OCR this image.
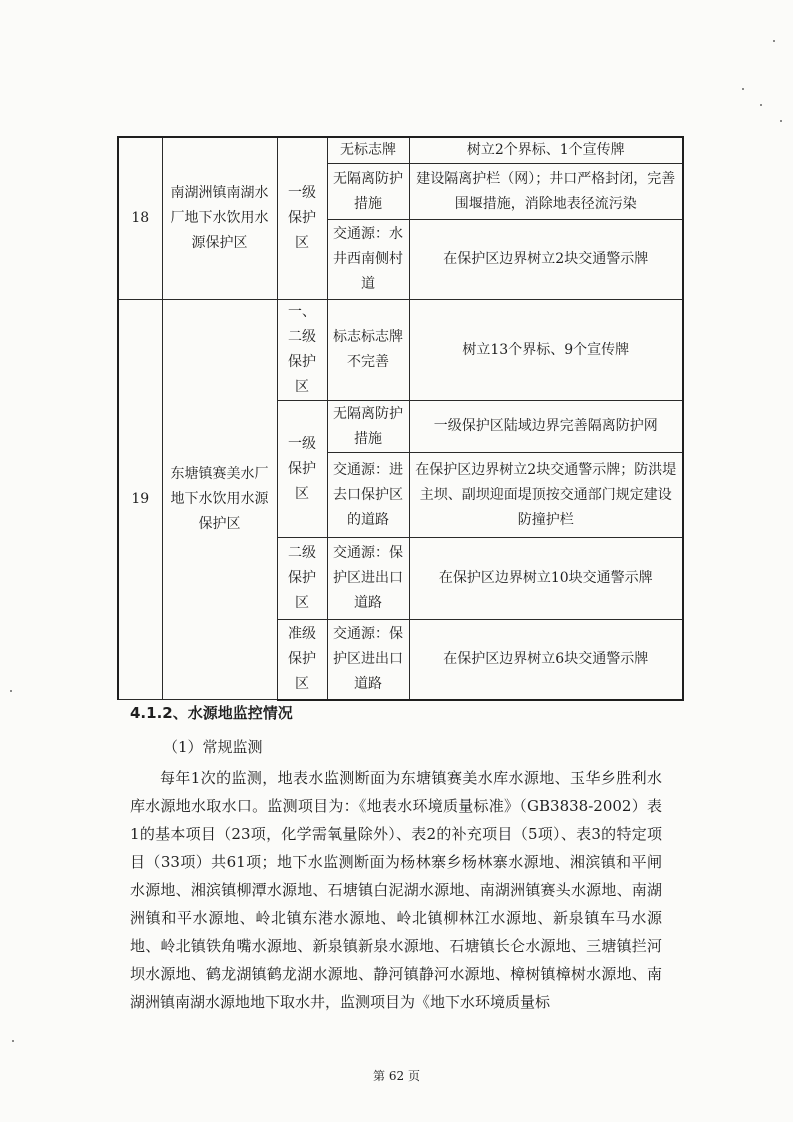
18	南湖洲镇南湖水厂地下水饮用水源保护区	一级保护区	无标志牌	树立2个界标、1个宣传牌
			无隔离防护措施	建设隔离护栏（网）；井口严格封闭，完善围堰措施，消除地表径流污染
			交通源：水井西南侧村道	在保护区边界树立2块交通警示牌
19	东塘镇赛美水厂地下水饮用水源保护区	一、二级保护区	标志标志牌不完善	树立13个界标、9个宣传牌
		一级保护区	无隔离防护措施	一级保护区陆域边界完善隔离防护网
			交通源：进去口保护区的道路	在保护区边界树立2块交通警示牌；防洪堤主坝、副坝迎面堤顶按交通部门规定建设防撞护栏
		二级保护区	交通源：保护区进出口道路	在保护区边界树立10块交通警示牌
		准级保护区	交通源：保护区进出口道路	在保护区边界树立6块交通警示牌
4.1.2、水源地监控情况
（1）常规监测

每年1次的监测，地表水监测断面为东塘镇赛美水库水源地、玉华乡胜利水库水源地水取水口。监测项目为：《地表水环境质量标准》（GB3838-2002）表1的基本项目（23项，化学需氧量除外）、表2的补充项目（5项）、表3的特定项目（33项）共61项；地下水监测断面为杨林寨乡杨林寨水源地、湘滨镇和平闸水源地、湘滨镇柳潭水源地、石塘镇白泥湖水源地、南湖洲镇赛头水源地、南湖洲镇和平水源地、岭北镇东港水源地、岭北镇柳林江水源地、新泉镇车马水源地、岭北镇铁角嘴水源地、新泉镇新泉水源地、石塘镇长仑水源地、三塘镇拦河坝水源地、鹤龙湖镇鹤龙湖水源地、静河镇静河水源地、樟树镇樟树水源地、南湖洲镇南湖水源地地下取水井，监测项目为《地下水环境质量标

第 62 页
